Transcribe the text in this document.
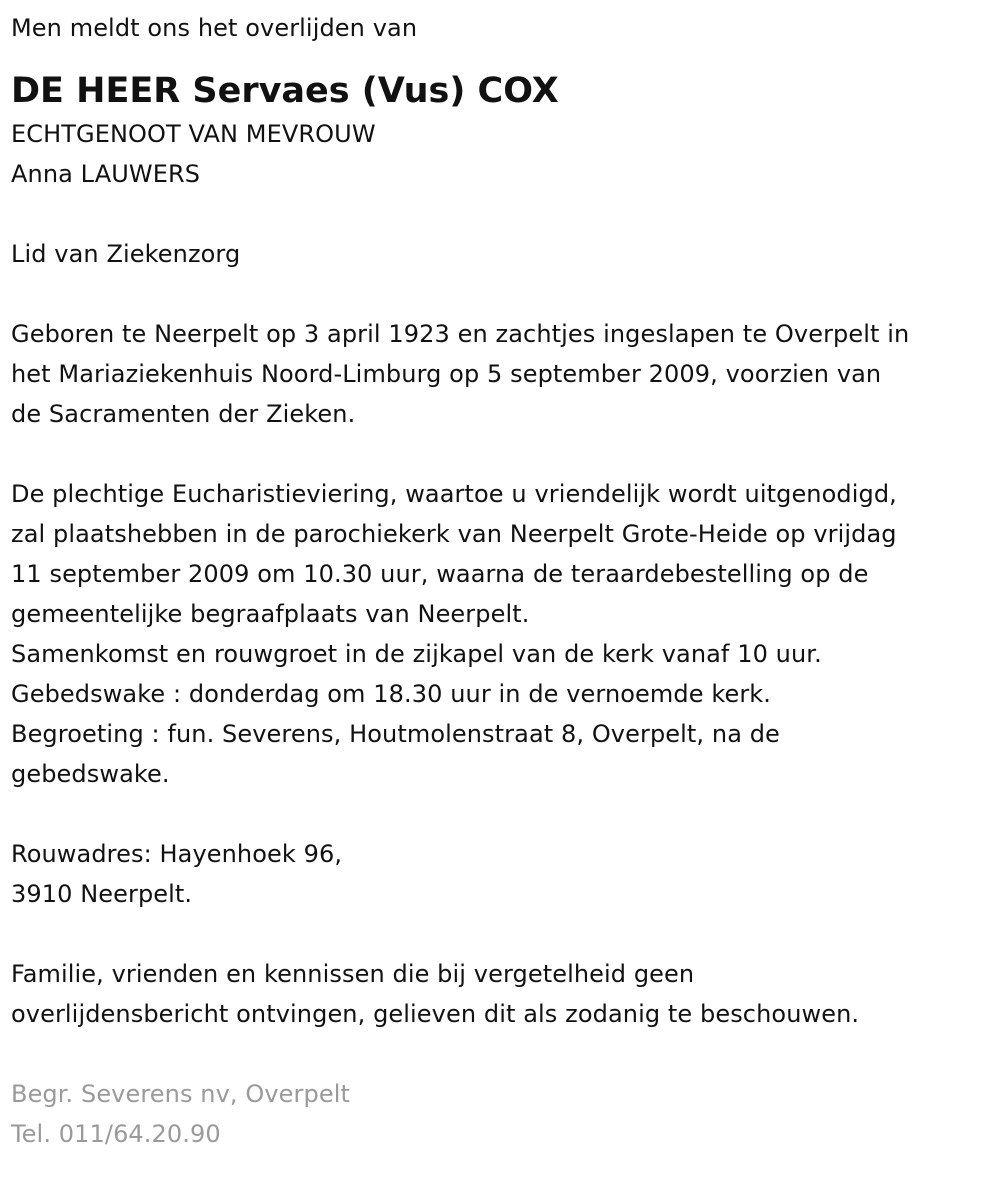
Men meldt ons het overlijden van
DE HEER Servaes (Vus) COX
ECHTGENOOT VAN MEVROUW
Anna LAUWERS
Lid van Ziekenzorg
Geboren te Neerpelt op 3 april 1923 en zachtjes ingeslapen te Overpelt in
het Mariaziekenhuis Noord-Limburg op 5 september 2009, voorzien van
de Sacramenten der Zieken.
De plechtige Eucharistieviering, waartoe u vriendelijk wordt uitgenodigd,
zal plaatshebben in de parochiekerk van Neerpelt Grote-Heide op vrijdag
11 september 2009 om 10.30 uur, waarna de teraardebestelling op de
gemeentelijke begraafplaats van Neerpelt.
Samenkomst en rouwgroet in de zijkapel van de kerk vanaf 10 uur.
Gebedswake : donderdag om 18.30 uur in de vernoemde kerk.
Begroeting : fun. Severens, Houtmolenstraat 8, Overpelt, na de
gebedswake.
Rouwadres: Hayenhoek 96,
3910 Neerpelt.
Familie, vrienden en kennissen die bij vergetelheid geen
overlijdensbericht ontvingen, gelieven dit als zodanig te beschouwen.
Begr. Severens nv, Overpelt
Tel. 011/64.20.90
